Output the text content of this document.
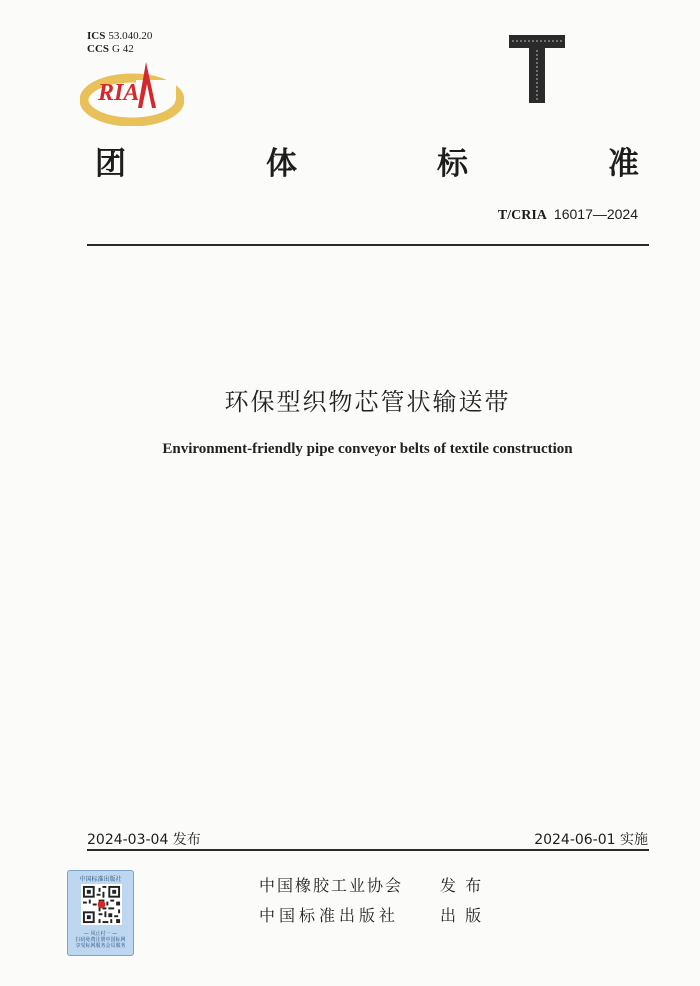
ICS 53.040.20
CCS G 42
RIA
T
团	体	标	准
T/CRIA 16017—2024
环保型织物芯管状输送带
Environment-friendly pipe conveyor belts of textile construction
2024-03-04 发布	2024-06-01 实施
中国橡胶工业协会 发 布
中国标准出版社	出 版
中国标准出版社
— 风止村一 —
扫码免费注册中国标网
享受标网服务会员服务
